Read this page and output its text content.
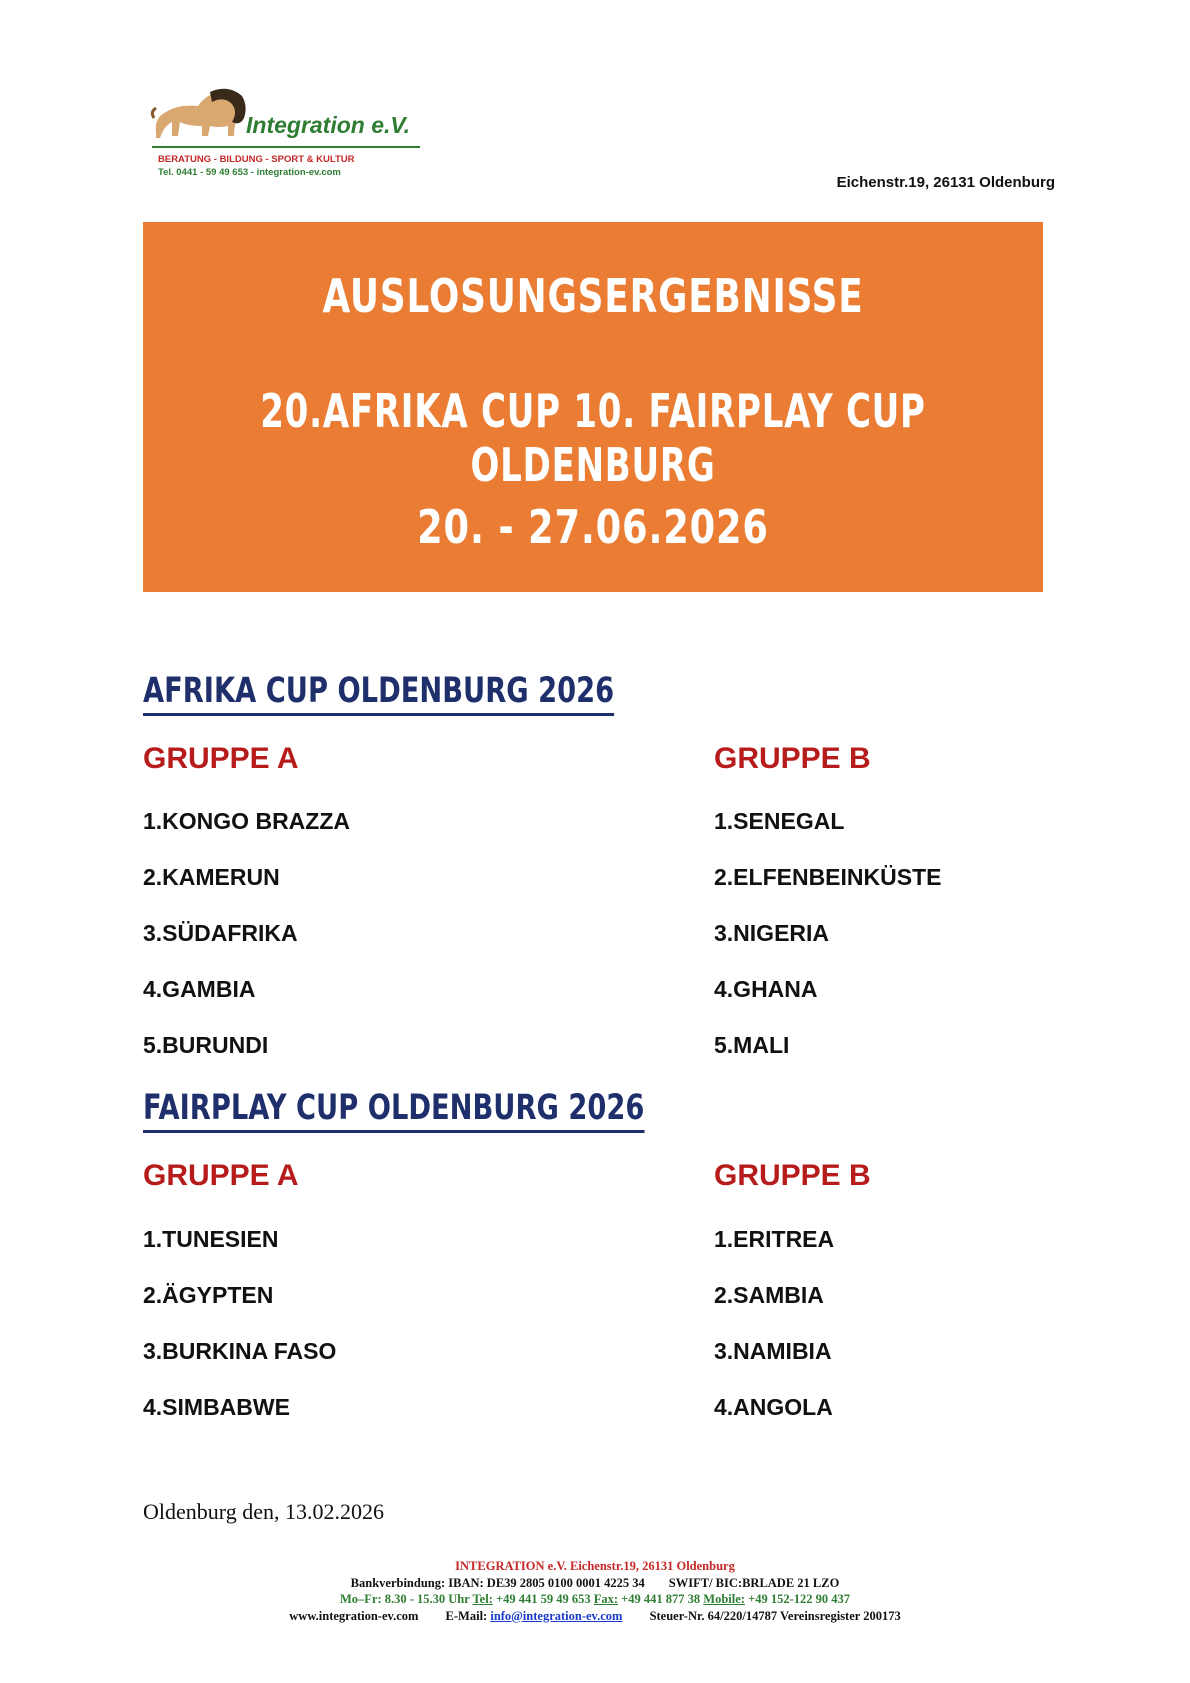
Integration e.V.
BERATUNG - BILDUNG - SPORT & KULTUR
Tel. 0441 - 59 49 653 - integration-ev.com
Eichenstr.19, 26131 Oldenburg
AUSLOSUNGSERGEBNISSE
20.AFRIKA CUP 10. FAIRPLAY CUP OLDENBURG
20. - 27.06.2026
AFRIKA CUP OLDENBURG 2026
GRUPPE A	GRUPPE B
1.KONGO BRAZZA
2.KAMERUN
3.SÜDAFRIKA
4.GAMBIA
5.BURUNDI
1.SENEGAL
2.ELFENBEINKÜSTE
3.NIGERIA
4.GHANA
5.MALI
FAIRPLAY CUP OLDENBURG 2026
GRUPPE A	GRUPPE B
1.TUNESIEN
2.ÄGYPTEN
3.BURKINA FASO
4.SIMBABWE
1.ERITREA
2.SAMBIA
3.NAMIBIA
4.ANGOLA
Oldenburg den, 13.02.2026
INTEGRATION e.V. Eichenstr.19, 26131 Oldenburg
Bankverbindung: IBAN: DE39 2805 0100 0001 4225 34 SWIFT/ BIC:BRLADE 21 LZO
Mo–Fr: 8.30 - 15.30 Uhr Tel: +49 441 59 49 653 Fax: +49 441 877 38 Mobile: +49 152-122 90 437
www.integration-ev.com E-Mail: info@integration-ev.com Steuer-Nr. 64/220/14787 Vereinsregister 200173
